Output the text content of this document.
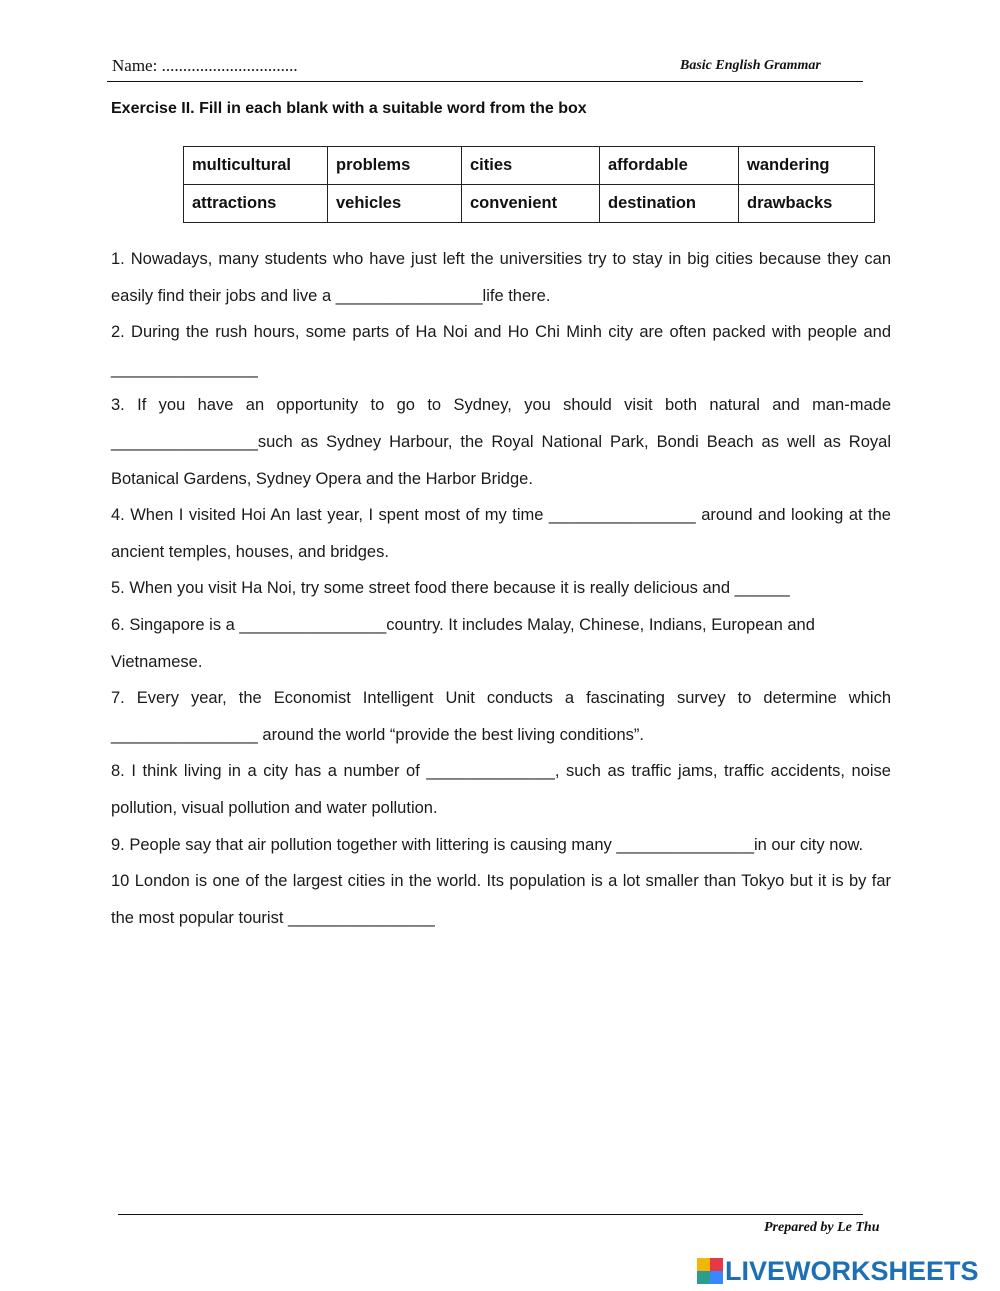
Name: ................................	Basic English Grammar
Exercise II. Fill in each blank with a suitable word from the box
multicultural	problems	cities	affordable	wandering
attractions	vehicles	convenient	destination	drawbacks
1. Nowadays, many students who have just left the universities try to stay in big cities because they can easily find their jobs and live a ________________life there.
2. During the rush hours, some parts of Ha Noi and Ho Chi Minh city are often packed with people and ________________
3. If you have an opportunity to go to Sydney, you should visit both natural and man-made ________________such as Sydney Harbour, the Royal National Park, Bondi Beach as well as Royal Botanical Gardens, Sydney Opera and the Harbor Bridge.
4. When I visited Hoi An last year, I spent most of my time ________________ around and looking at the ancient temples, houses, and bridges.
5. When you visit Ha Noi, try some street food there because it is really delicious and ______
6. Singapore is a ________________country. It includes Malay, Chinese, Indians, European and Vietnamese.
7. Every year, the Economist Intelligent Unit conducts a fascinating survey to determine which ________________ around the world “provide the best living conditions”.
8. I think living in a city has a number of ______________, such as traffic jams, traffic accidents, noise pollution, visual pollution and water pollution.
9. People say that air pollution together with littering is causing many _______________in our city now.
10 London is one of the largest cities in the world. Its population is a lot smaller than Tokyo but it is by far the most popular tourist ________________
Prepared by Le Thu
LIVEWORKSHEETS
